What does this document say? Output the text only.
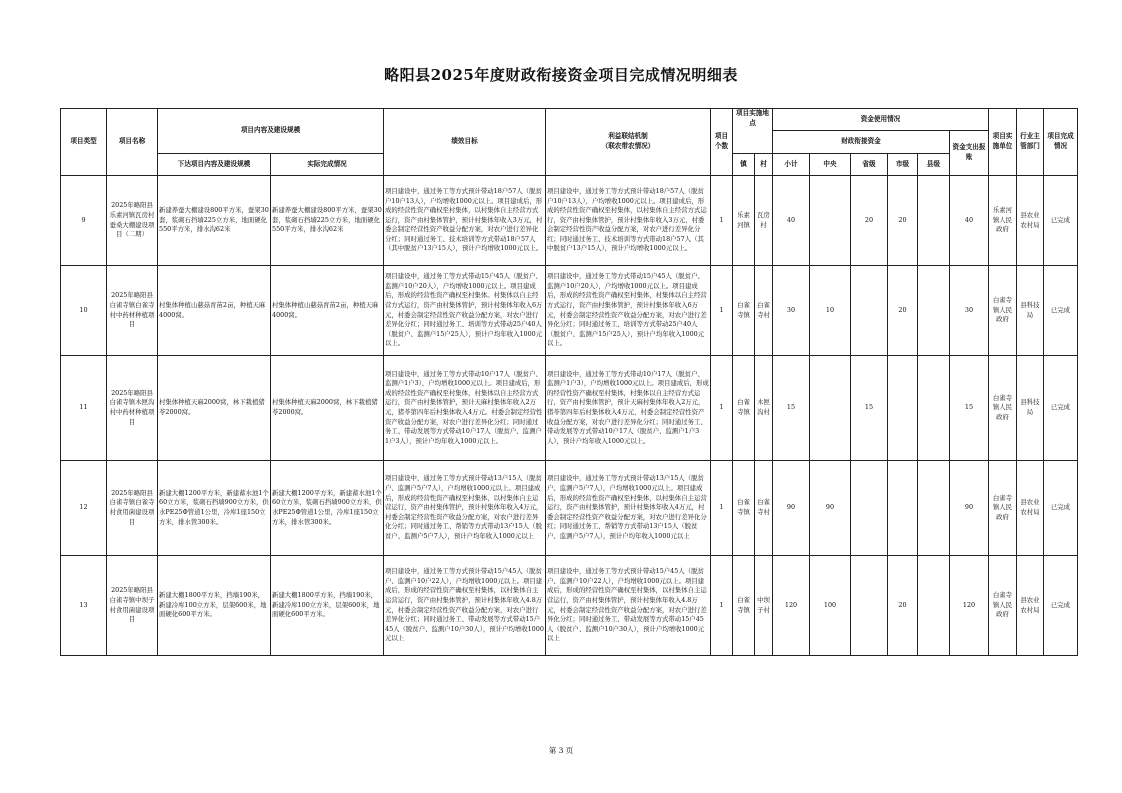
略阳县2025年度财政衔接资金项目完成情况明细表
项目类型	项目名称	项目内容及建设规模		绩效目标	利益联结机制
（联农带农情况）	项目个数	项目实施地点		资金使用情况						项目实施单位	行业主管部门	项目完成情况
									财政衔接资金					资金支出报账			
		下达项目内容及建设规模	实际完成情况				镇	村	小计	中央	省级	市级	县级				
9	2025年略阳县乐素河镇瓦房村蚕桑大棚建设项目（二期）	新建养蚕大棚建设800平方米，蚕架30套，浆砌石挡墙225立方米，地面硬化550平方米，排水沟62米	新建养蚕大棚建设800平方米，蚕架30套，浆砌石挡墙225立方米，地面硬化550平方米，排水沟62米	项目建设中，通过务工等方式预计带动18户57人（脱贫户10户13人），户均增收1000元以上。项目建成后，形成的经营性资产确权至村集体，以村集体自主经营方式运行，资产由村集体管护，预计村集体年收入3万元，村委会制定经营性资产收益分配方案，对农户进行差异化分红；同时通过务工、技术培训等方式带动18户57人（其中脱贫户13户15人），预计户均增收1000元以上。	项目建设中，通过务工等方式预计带动18户57人（脱贫户10户13人），户均增收1000元以上。项目建成后，形成的经营性资产确权至村集体，以村集体自主经营方式运行，资产由村集体管护，预计村集体年收入3万元，村委会制定经营性资产收益分配方案，对农户进行差异化分红；同时通过务工、技术培训等方式带动18户57人（其中脱贫户13户15人），预计户均增收1000元以上。	1	乐素河镇	瓦房村	40		20	20		40	乐素河镇人民政府	县农业农村局	已完成
10	2025年略阳县白雀寺镇白雀寺村中药材种植项目	村集体种植山慈菇育苗2亩，种植天麻4000窝。	村集体种植山慈菇育苗2亩，种植天麻4000窝。	项目建设中，通过务工等方式带动15户45人（脱贫户、监测户10户20人），户均增收1000元以上。项目建成后，形成的经营性资产确权至村集体。村集体以自主经营方式运行，资产由村集体管护，预计村集体年收入6万元，村委会制定经营性资产收益分配方案，对农户进行差异化分红；同时通过务工、培训等方式带动25户40人（脱贫户、监测户15户25人），预计户均年收入1000元以上。	项目建设中，通过务工等方式带动15户45人（脱贫户、监测户10户20人），户均增收1000元以上。项目建成后，形成的经营性资产确权至村集体，村集体以自主经营方式运行，资产由村集体管护，预计村集体年收入6万元，村委会制定经营性资产收益分配方案，对农户进行差异化分红；同时通过务工、培训等方式带动25户40人（脱贫户、监测户15户25人），预计户均年收入1000元以上。	1	白雀寺镇	白雀寺村	30	10		20		30	白雀寺镇人民政府	县科技局	已完成
11	2025年略阳县白雀寺镇木匣沟村中药材种植项目	村集体种植天麻2000窝，林下栽植猪苓2000窝。	村集体种植天麻2000窝，林下栽植猪苓2000窝。	项目建设中，通过务工等方式带动10户17人（脱贫户、监测户1户3），户均增收1000元以上。项目建成后，形成的经营性资产确权至村集体，村集体以自主经营方式运行，资产由村集体管护，预计天麻村集体年收入2万元，猪苓第四年后村集体收入4万元。村委会制定经营性资产收益分配方案，对农户进行差异化分红；同时通过务工、带动发展等方式带动10户17人（脱贫户、监测户1户3人），预计户均年收入1000元以上。	项目建设中，通过务工等方式带动10户17人（脱贫户、监测户1户3），户均增收1000元以上。项目建成后，形成的经营性资产确权至村集体，村集体以自主经营方式运行，资产由村集体管护，预计天麻村集体年收入2万元，猪苓第四年后村集体收入4万元，村委会制定经营性资产收益分配方案，对农户进行差异化分红；同时通过务工、带动发展等方式带动10户17人（脱贫户、监测户1户3人），预计户均年收入1000元以上。	1	白雀寺镇	木匣沟村	15		15			15	白雀寺镇人民政府	县科技局	已完成
12	2025年略阳县白雀寺镇白雀寺村食用菌建设项目	新建大棚1200平方米，新建蓄水池1个60立方米，浆砌石挡墙900立方米，供水PE25Φ管道1公里，冷库1座150立方米，排水管300米。	新建大棚1200平方米，新建蓄水池1个60立方米，浆砌石挡墙900立方米，供水PE25Φ管道1公里，冷库1座150立方米，排水管300米。	项目建设中，通过务工等方式预计带动13户15人（脱贫户、监测户5户7人），户均增收1000元以上。项目建成后，形成的经营性资产确权至村集体，以村集体自主运营运行，资产由村集体管护，预计村集体年收入4万元，村委会制定经营性资产收益分配方案，对农户进行差异化分红；同时通过务工、帮销等方式带动13户15人（脱贫户、监测户5户7人），预计户均年收入1000元以上	项目建设中，通过务工等方式预计带动13户15人（脱贫户、监测户5户7人），户均增收1000元以上。项目建成后，形成的经营性资产确权至村集体，以村集体自主运营运行，资产由村集体管护，预计村集体年收入4万元，村委会制定经营性资产收益分配方案，对农户进行差异化分红；同时通过务工、帮销等方式带动13户15人（脱贫户、监测户5户7人），预计户均年收入1000元以上	1	白雀寺镇	白雀寺村	90	90				90	白雀寺镇人民政府	县农业农村局	已完成
13	2025年略阳县白雀寺镇中坝子村食用菌建设项目	新建大棚1800平方米，挡墙190米，新建冷库100立方米，层架600米，地面硬化600平方米。	新建大棚1800平方米，挡墙190米，新建冷库100立方米，层架600米，地面硬化600平方米。	项目建设中，通过务工等方式预计带动15户45人（脱贫户、监测户10户22人），户均增收1000元以上。项目建成后，形成的经营性资产确权至村集体，以村集体自主运营运行，资产由村集体管护，预计村集体年收入4.8万元，村委会制定经营性资产收益分配方案，对农户进行差异化分红；同时通过务工、带动发展等方式带动15户45人（脱贫户、监测户10户30人），预计户均增收1000元以上	项目建设中，通过务工等方式预计带动15户45人（脱贫户、监测户10户22人），户均增收1000元以上。项目建成后，形成的经营性资产确权至村集体，以村集体自主运营运行，资产由村集体管护，预计村集体年收入4.8万元，村委会制定经营性资产收益分配方案，对农户进行差异化分红；同时通过务工、带动发展等方式带动15户45人（脱贫户、监测户10户30人），预计户均增收1000元以上	1	白雀寺镇	中坝子村	120	100		20		120	白雀寺镇人民政府	县农业农村局	已完成
第 3 页
